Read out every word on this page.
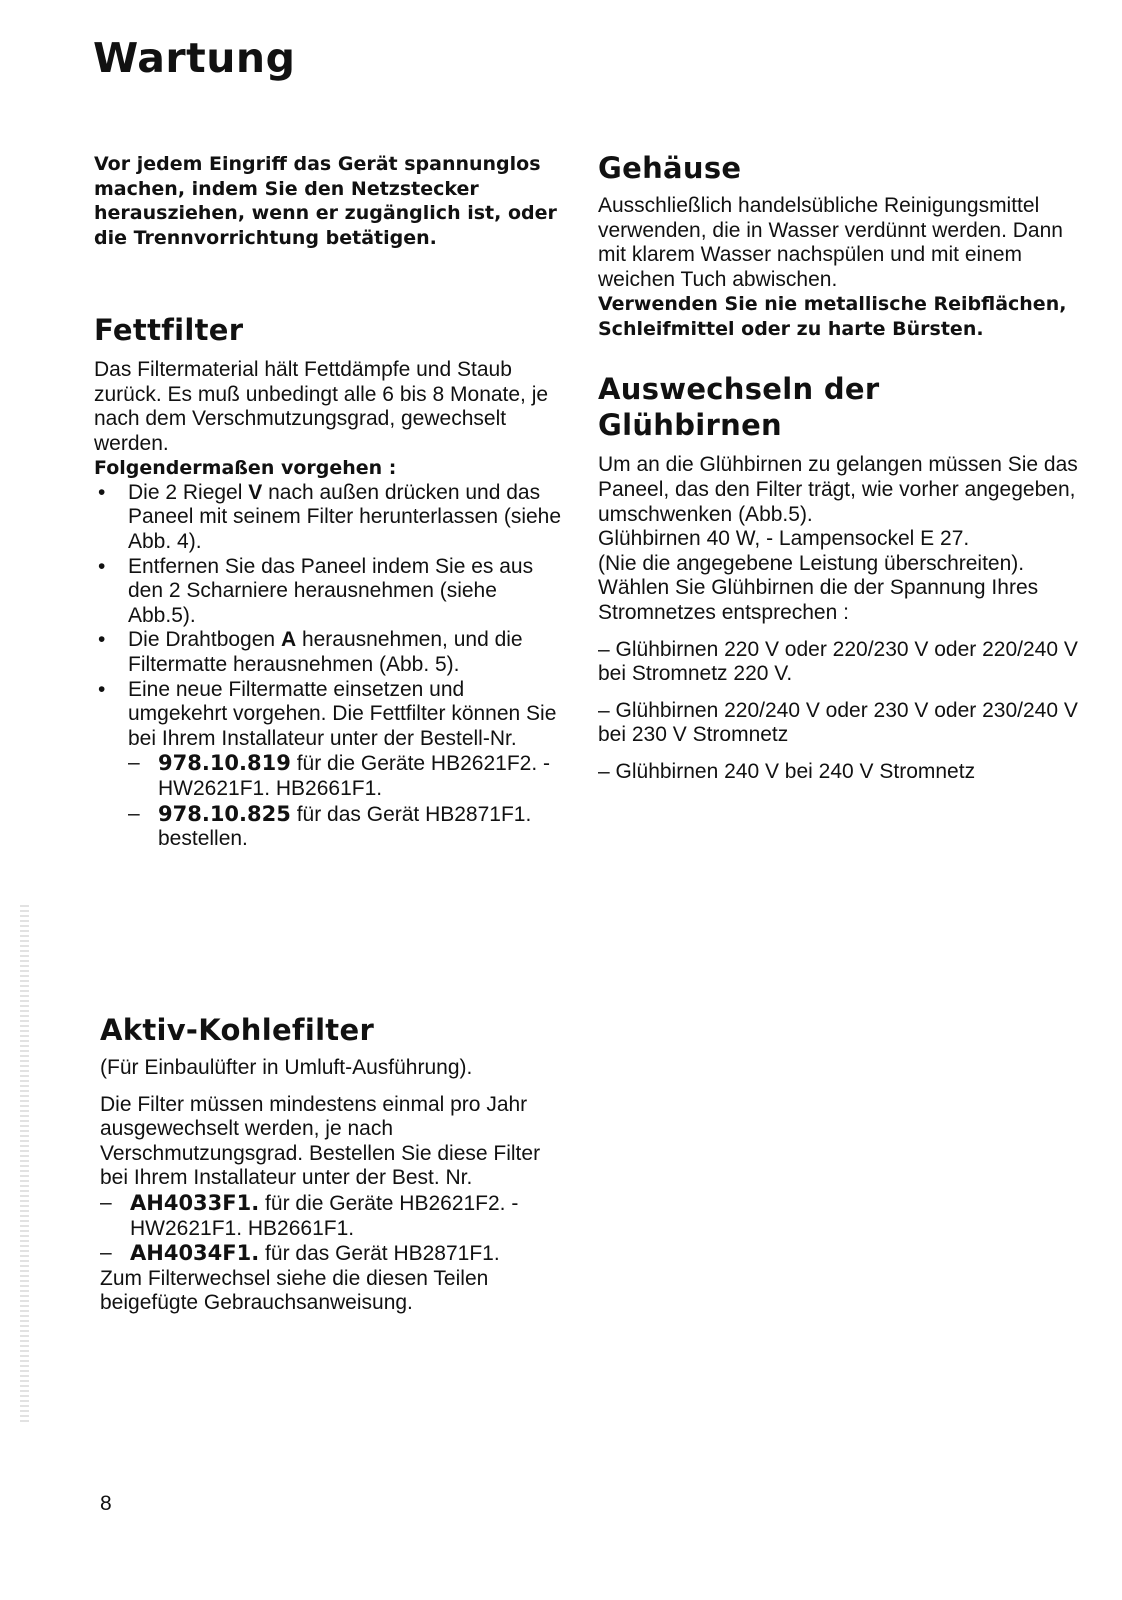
Wartung

Vor jedem Eingriff das Gerät spannunglos machen, indem Sie den Netzstecker herausziehen, wenn er zugänglich ist, oder die Trennvorrichtung betätigen.

Fettfilter

Das Filtermaterial hält Fettdämpfe und Staub zurück. Es muß unbedingt alle 6 bis 8 Monate, je nach dem Verschmutzungsgrad, gewechselt werden.

Folgendermaßen vorgehen :

• Die 2 Riegel V nach außen drücken und das Paneel mit seinem Filter herunterlassen (siehe Abb. 4).
• Entfernen Sie das Paneel indem Sie es aus den 2 Scharniere herausnehmen (siehe Abb.5).
• Die Drahtbogen A herausnehmen, und die Filtermatte herausnehmen (Abb. 5).
• Eine neue Filtermatte einsetzen und umgekehrt vorgehen. Die Fettfilter können Sie bei Ihrem Installateur unter der Bestell-Nr.
– 978.10.819 für die Geräte HB2621F2. - HW2621F1. HB2661F1.
– 978.10.825 für das Gerät HB2871F1. bestellen.
Aktiv-Kohlefilter

(Für Einbaulüfter in Umluft-Ausführung).

Die Filter müssen mindestens einmal pro Jahr ausgewechselt werden, je nach Verschmutzungsgrad. Bestellen Sie diese Filter bei Ihrem Installateur unter der Best. Nr.

– AH4033F1. für die Geräte HB2621F2. - HW2621F1. HB2661F1.
– AH4034F1. für das Gerät HB2871F1.

Zum Filterwechsel siehe die diesen Teilen beigefügte Gebrauchsanweisung.

Gehäuse

Ausschließlich handelsübliche Reinigungsmittel verwenden, die in Wasser verdünnt werden. Dann mit klarem Wasser nachspülen und mit einem weichen Tuch abwischen.

Verwenden Sie nie metallische Reibflächen, Schleifmittel oder zu harte Bürsten.

Auswechseln der
Glühbirnen

Um an die Glühbirnen zu gelangen müssen Sie das Paneel, das den Filter trägt, wie vorher angegeben, umschwenken (Abb.5).

Glühbirnen 40 W, - Lampensockel E 27.

(Nie die angegebene Leistung überschreiten).

Wählen Sie Glühbirnen die der Spannung Ihres Stromnetzes entsprechen :

– Glühbirnen 220 V oder 220/230 V oder 220/240 V bei Stromnetz 220 V.

– Glühbirnen 220/240 V oder 230 V oder 230/240 V bei 230 V Stromnetz

– Glühbirnen 240 V bei 240 V Stromnetz

8
